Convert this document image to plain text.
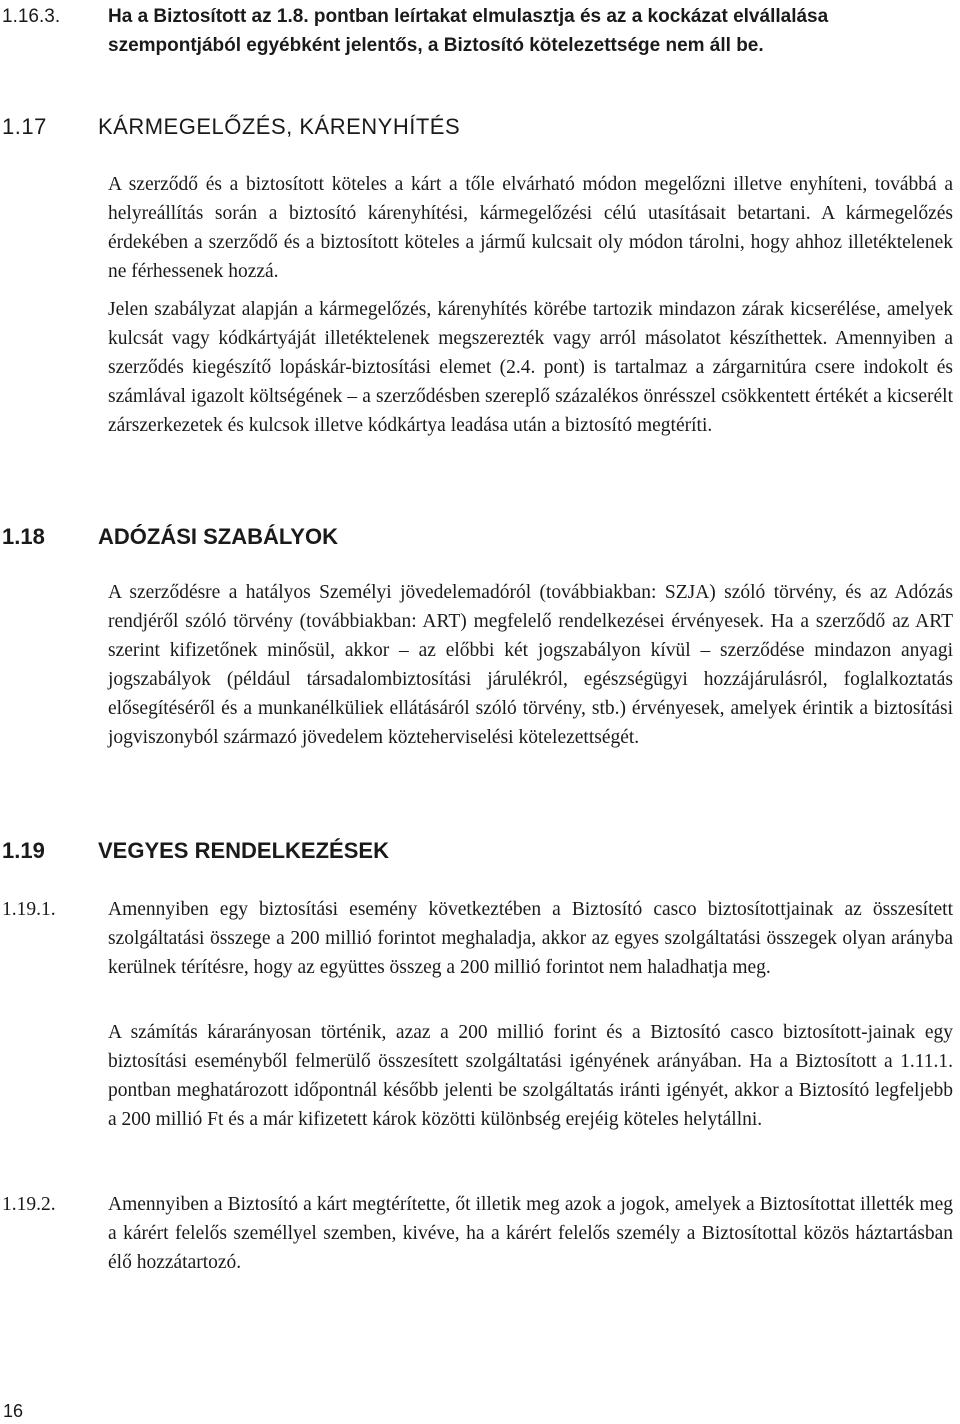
1.16.3.	Ha a Biztosított az 1.8. pontban leírtakat elmulasztja és az a kockázat elvállalása szempontjából egyébként jelentős, a Biztosító kötelezettsége nem áll be.

1.17 KÁRMEGELŐZÉS, KÁRENYHÍTÉS

A szerződő és a biztosított köteles a kárt a tőle elvárható módon megelőzni illetve enyhíteni, továbbá a helyreállítás során a biztosító kárenyhítési, kármegelőzési célú utasításait betartani. A kármegelőzés érdekében a szerződő és a biztosított köteles a jármű kulcsait oly módon tárolni, hogy ahhoz illetéktelenek ne férhessenek hozzá.

Jelen szabályzat alapján a kármegelőzés, kárenyhítés körébe tartozik mindazon zárak kicserélése, amelyek kulcsát vagy kódkártyáját illetéktelenek megszerezték vagy arról másolatot készíthettek. Amennyiben a szerződés kiegészítő lopáskár-biztosítási elemet (2.4. pont) is tartalmaz a zárgarnitúra csere indokolt és számlával igazolt költségének – a szerződésben szereplő százalékos önrésszel csökkentett értékét a kicserélt zárszerkezetek és kulcsok illetve kódkártya leadása után a biztosító megtéríti.

1.18 ADÓZÁSI SZABÁLYOK

A szerződésre a hatályos Személyi jövedelemadóról (továbbiakban: SZJA) szóló törvény, és az Adózás rendjéről szóló törvény (továbbiakban: ART) megfelelő rendelkezései érvényesek. Ha a szerződő az ART szerint kifizetőnek minősül, akkor – az előbbi két jogszabályon kívül – szerződése mindazon anyagi jogszabályok (például társadalombiztosítási járulékról, egészségügyi hozzájárulásról, foglalkoztatás elősegítéséről és a munkanélküliek ellátásáról szóló törvény, stb.) érvényesek, amelyek érintik a biztosítási jogviszonyból származó jövedelem közteherviselési kötelezettségét.

1.19 VEGYES RENDELKEZÉSEK
1.19.1.	Amennyiben egy biztosítási esemény következtében a Biztosító casco biztosítottjainak az összesített szolgáltatási összege a 200 millió forintot meghaladja, akkor az egyes szolgáltatási összegek olyan arányba kerülnek térítésre, hogy az együttes összeg a 200 millió forintot nem haladhatja meg.

A számítás kárarányosan történik, azaz a 200 millió forint és a Biztosító casco biztosított-jainak egy biztosítási eseményből felmerülő összesített szolgáltatási igényének arányában. Ha a Biztosított a 1.11.1. pontban meghatározott időpontnál később jelenti be szolgáltatás iránti igényét, akkor a Biztosító legfeljebb a 200 millió Ft és a már kifizetett károk közötti különbség erejéig köteles helytállni.

1.19.2.	Amennyiben a Biztosító a kárt megtérítette, őt illetik meg azok a jogok, amelyek a Biztosítottat illették meg a kárért felelős személlyel szemben, kivéve, ha a kárért felelős személy a Biztosítottal közös háztartásban élő hozzátartozó.

16
